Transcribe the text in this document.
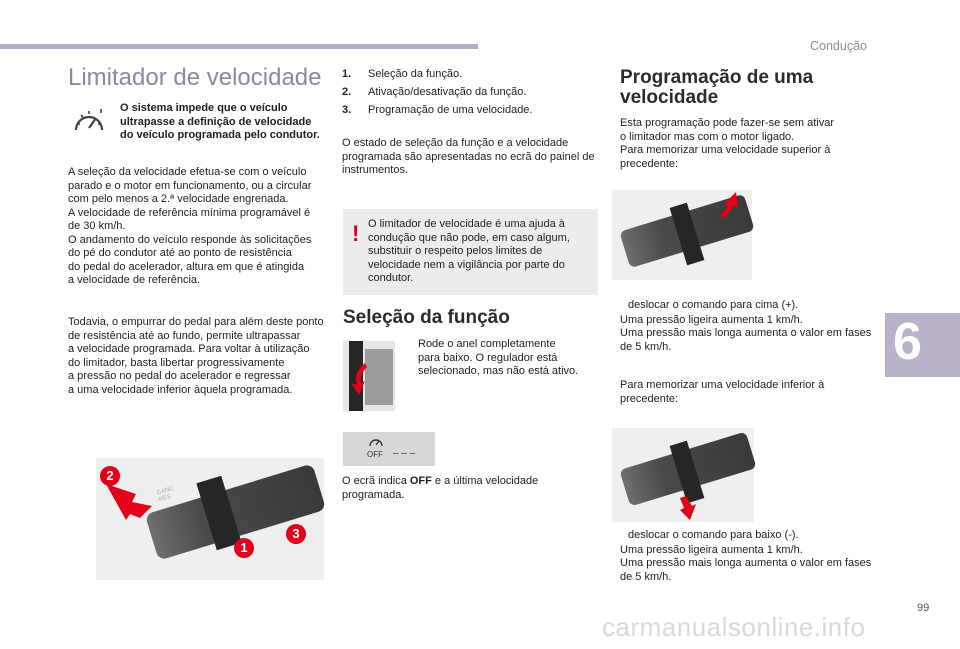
Condução
6
99
carmanualsonline.info
Limitador de velocidade
O sistema impede que o veículo ultrapasse a definição de velocidade do veículo programada pelo condutor.
A seleção da velocidade efetua-se com o veículo
parado e o motor em funcionamento, ou a circular
com pelo menos a 2.ª velocidade engrenada.
A velocidade de referência mínima programável é
de 30 km/h.
O andamento do veículo responde às solicitações
do pé do condutor até ao ponto de resistência
do pedal do acelerador, altura em que é atingida
a velocidade de referência.
Todavia, o empurrar do pedal para além deste ponto
de resistência até ao fundo, permite ultrapassar
a velocidade programada. Para voltar à utilização
do limitador, basta libertar progressivamente
a pressão no pedal do acelerador e regressar
a uma velocidade inferior àquela programada.
CANC
RES
2
1
3
1. Seleção da função.
2. Ativação/desativação da função.
3. Programação de uma velocidade.
O estado de seleção da função e a velocidade
programada são apresentadas no ecrã do painel de
instrumentos.
! O limitador de velocidade é uma ajuda à
condução que não pode, em caso algum,
substituir o respeito pelos limites de
velocidade nem a vigilância por parte do
condutor.
Seleção da função
Rode o anel completamente
para baixo. O regulador está
selecionado, mas não está ativo.
OFF – – –
O ecrã indica OFF e a última velocidade
programada.
Programação de uma
velocidade
Esta programação pode fazer-se sem ativar
o limitador mas com o motor ligado.
Para memorizar uma velocidade superior à
precedente:
deslocar o comando para cima (+).
Uma pressão ligeira aumenta 1 km/h.
Uma pressão mais longa aumenta o valor em fases
de 5 km/h.
Para memorizar uma velocidade inferior à
precedente:
deslocar o comando para baixo (-).
Uma pressão ligeira aumenta 1 km/h.
Uma pressão mais longa aumenta o valor em fases
de 5 km/h.
